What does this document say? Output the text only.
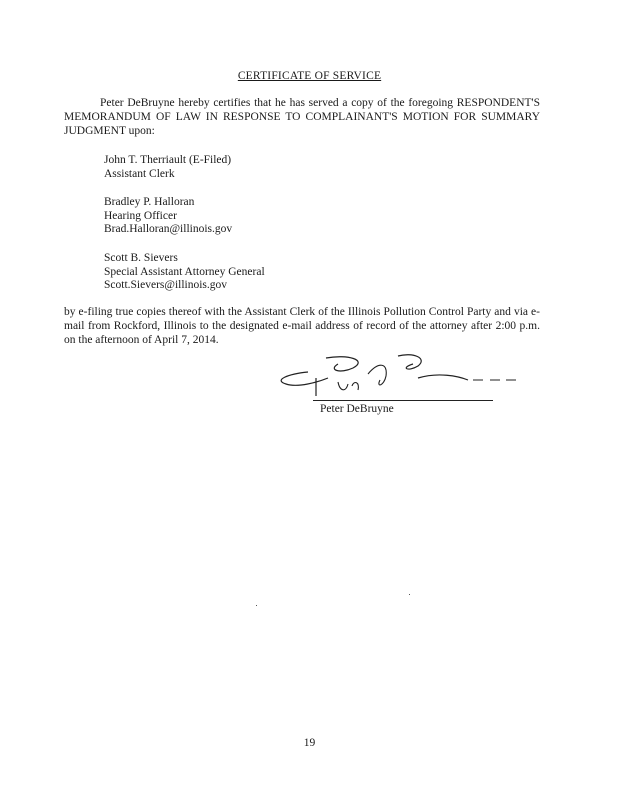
CERTIFICATE OF SERVICE
Peter DeBruyne hereby certifies that he has served a copy of the foregoing RESPONDENT'S MEMORANDUM OF LAW IN RESPONSE TO COMPLAINANT'S MOTION FOR SUMMARY JUDGMENT upon:
John T. Therriault (E-Filed)
Assistant Clerk
Bradley P. Halloran
Hearing Officer
Brad.Halloran@illinois.gov
Scott B. Sievers
Special Assistant Attorney General
Scott.Sievers@illinois.gov
by e-filing true copies thereof with the Assistant Clerk of the Illinois Pollution Control Party and via e-mail from Rockford, Illinois to the designated e-mail address of record of the attorney after 2:00 p.m. on the afternoon of April 7, 2014.
Peter DeBruyne
19
